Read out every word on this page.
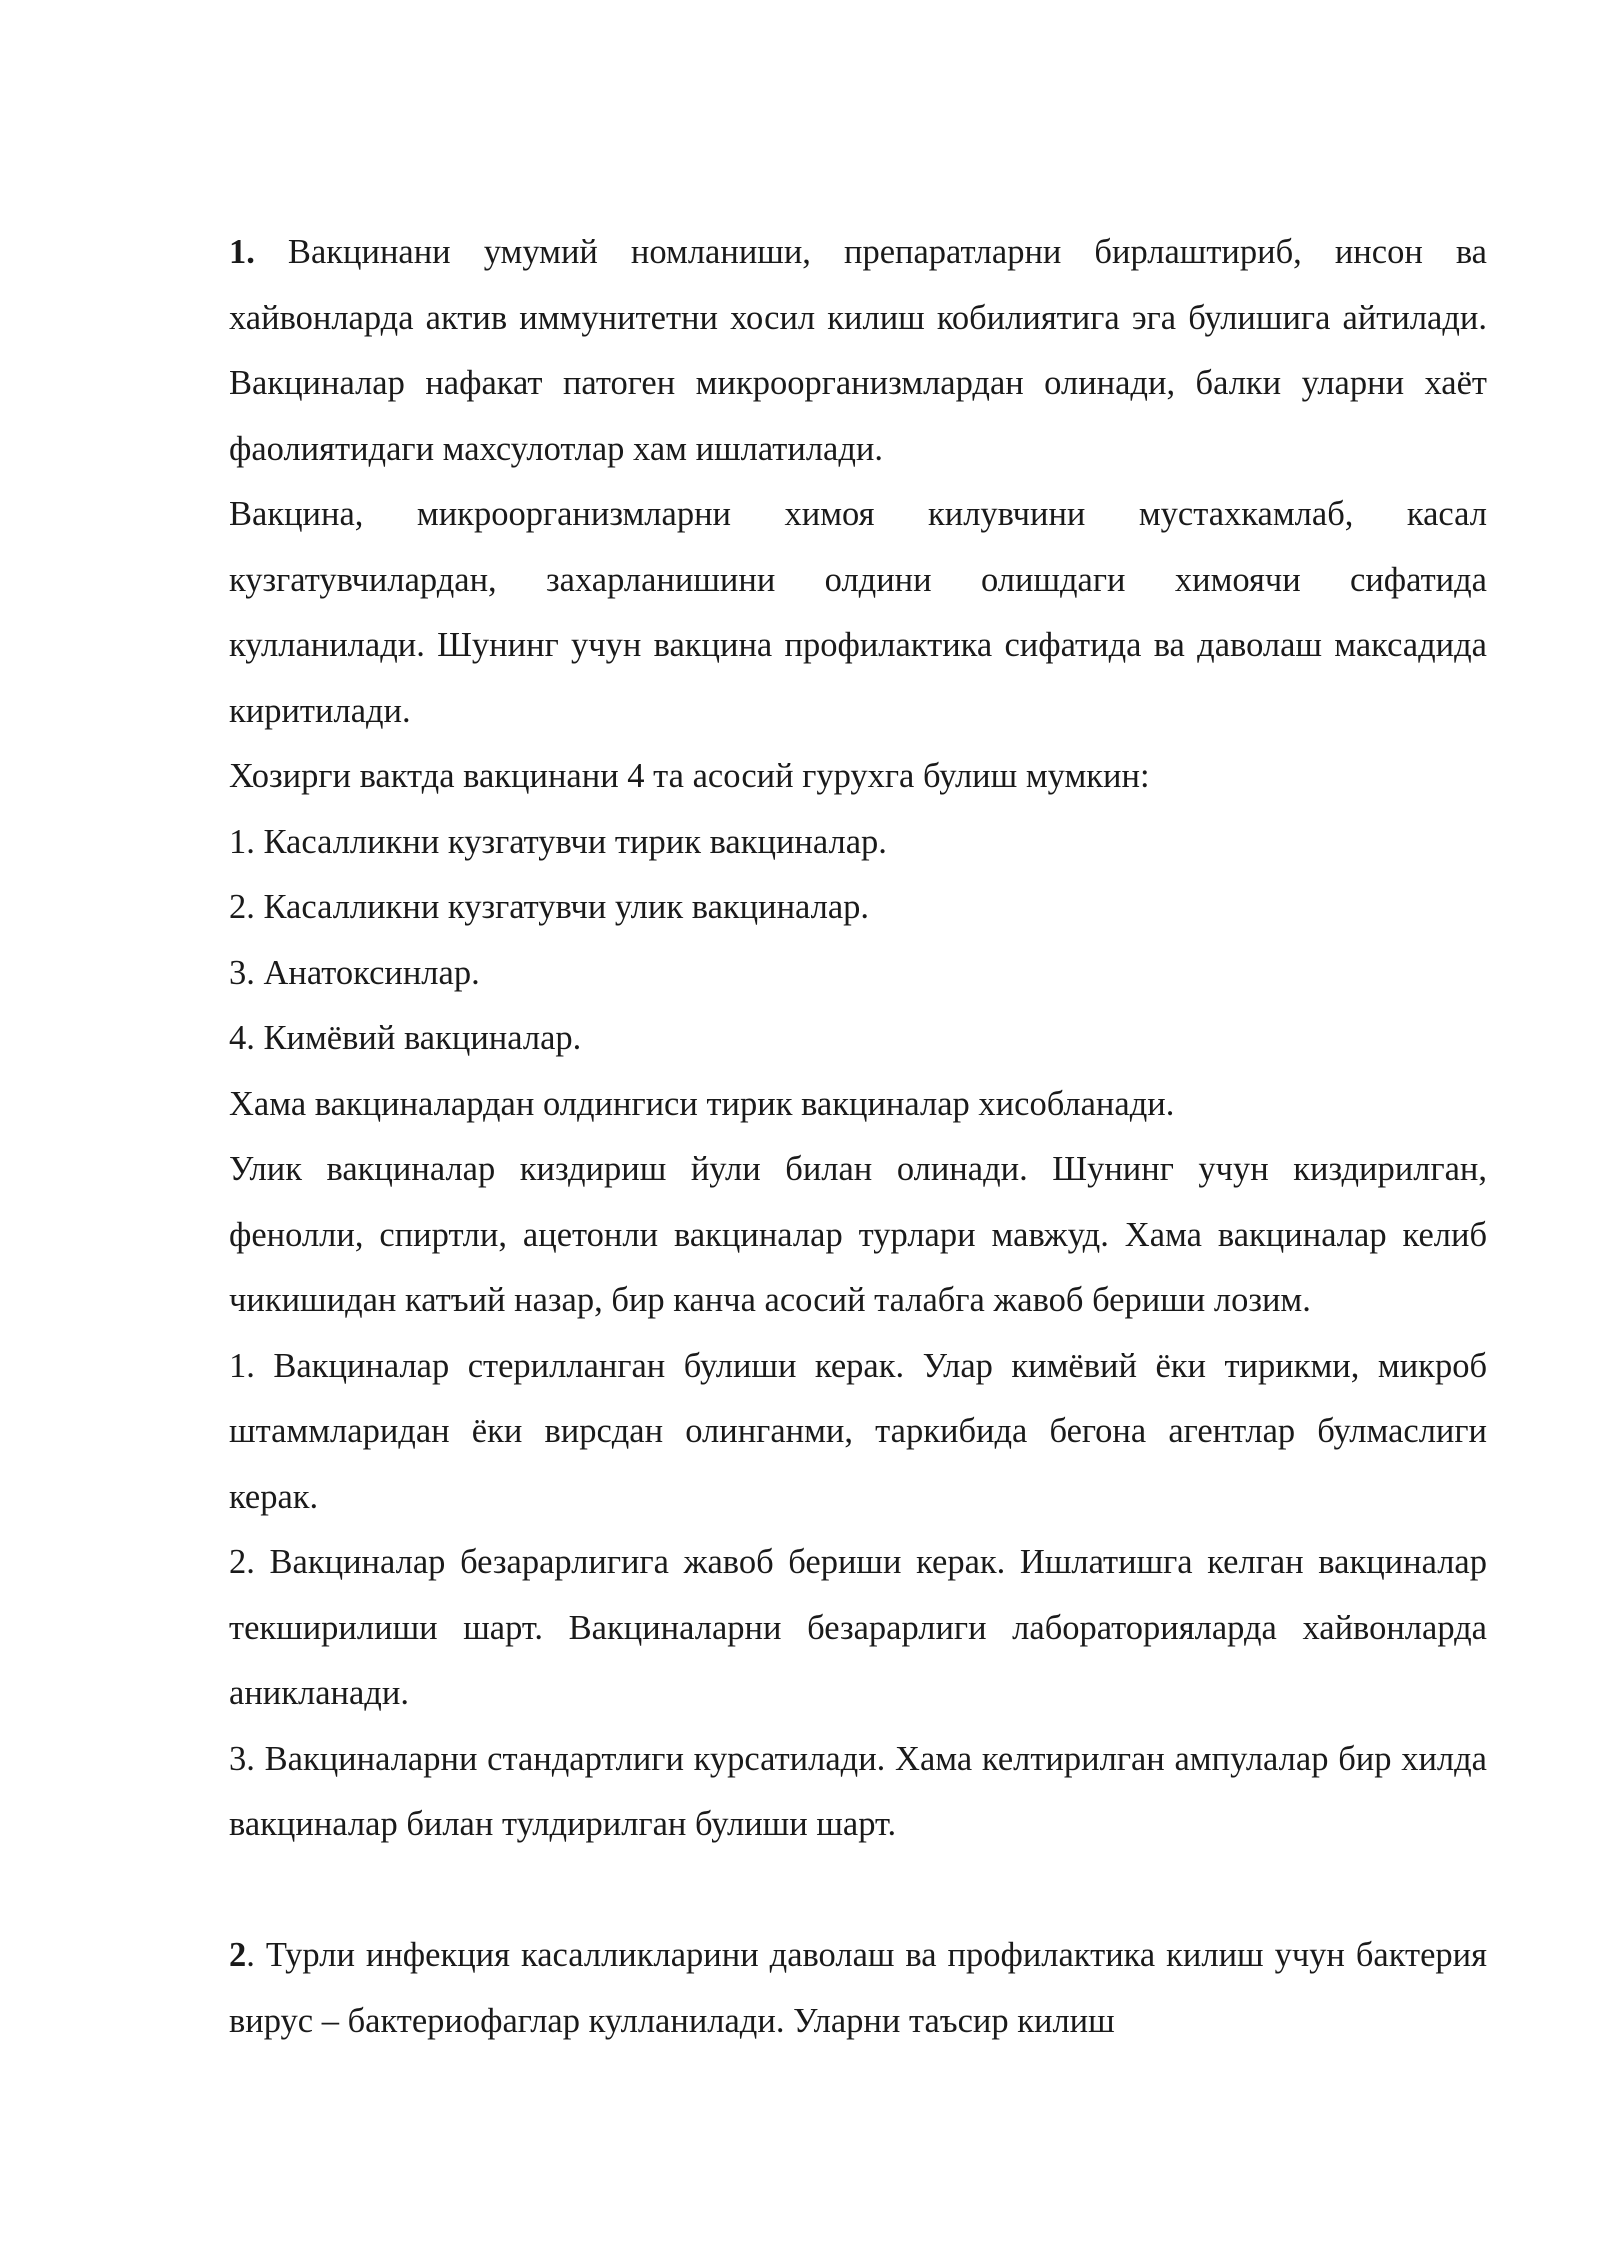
1. Вакцинани умумий номланиши, препаратларни бирлаштириб, инсон ва хайвонларда актив иммунитетни хосил килиш кобилиятига эга булишига айтилади. Вакциналар нафакат патоген микроорганизмлардан олинади, балки уларни хаёт фаолиятидаги махсулотлар хам ишлатилади.

Вакцина, микроорганизмларни химоя килувчини мустахкамлаб, касал кузгатувчилардан, захарланишини олдини олишдаги химоячи сифатида кулланилади. Шунинг учун вакцина профилактика сифатида ва даволаш максадида киритилади.

Хозирги вактда вакцинани 4 та асосий гурухга булиш мумкин:

1. Касалликни кузгатувчи тирик вакциналар.

2. Касалликни кузгатувчи улик вакциналар.

3. Анатоксинлар.

4. Кимёвий вакциналар.

Хама вакциналардан олдингиси тирик вакциналар хисобланади.

Улик вакциналар киздириш йули билан олинади. Шунинг учун киздирилган, фенолли, спиртли, ацетонли вакциналар турлари мавжуд. Хама вакциналар келиб чикишидан катъий назар, бир канча асосий талабга жавоб бериши лозим.

1. Вакциналар стерилланган булиши керак. Улар кимёвий ёки тирикми, микроб штаммларидан ёки вирсдан олинганми, таркибида бегона агентлар булмаслиги керак.

2. Вакциналар безарарлигига жавоб бериши керак. Ишлатишга келган вакциналар текширилиши шарт. Вакциналарни безарарлиги лабораторияларда хайвонларда аникланади.

3. Вакциналарни стандартлиги курсатилади. Хама келтирилган ампулалар бир хилда вакциналар билан тулдирилган булиши шарт.

2. Турли инфекция касалликларини даволаш ва профилактика килиш учун бактерия вирус – бактериофаглар кулланилади. Уларни таъсир килиш
